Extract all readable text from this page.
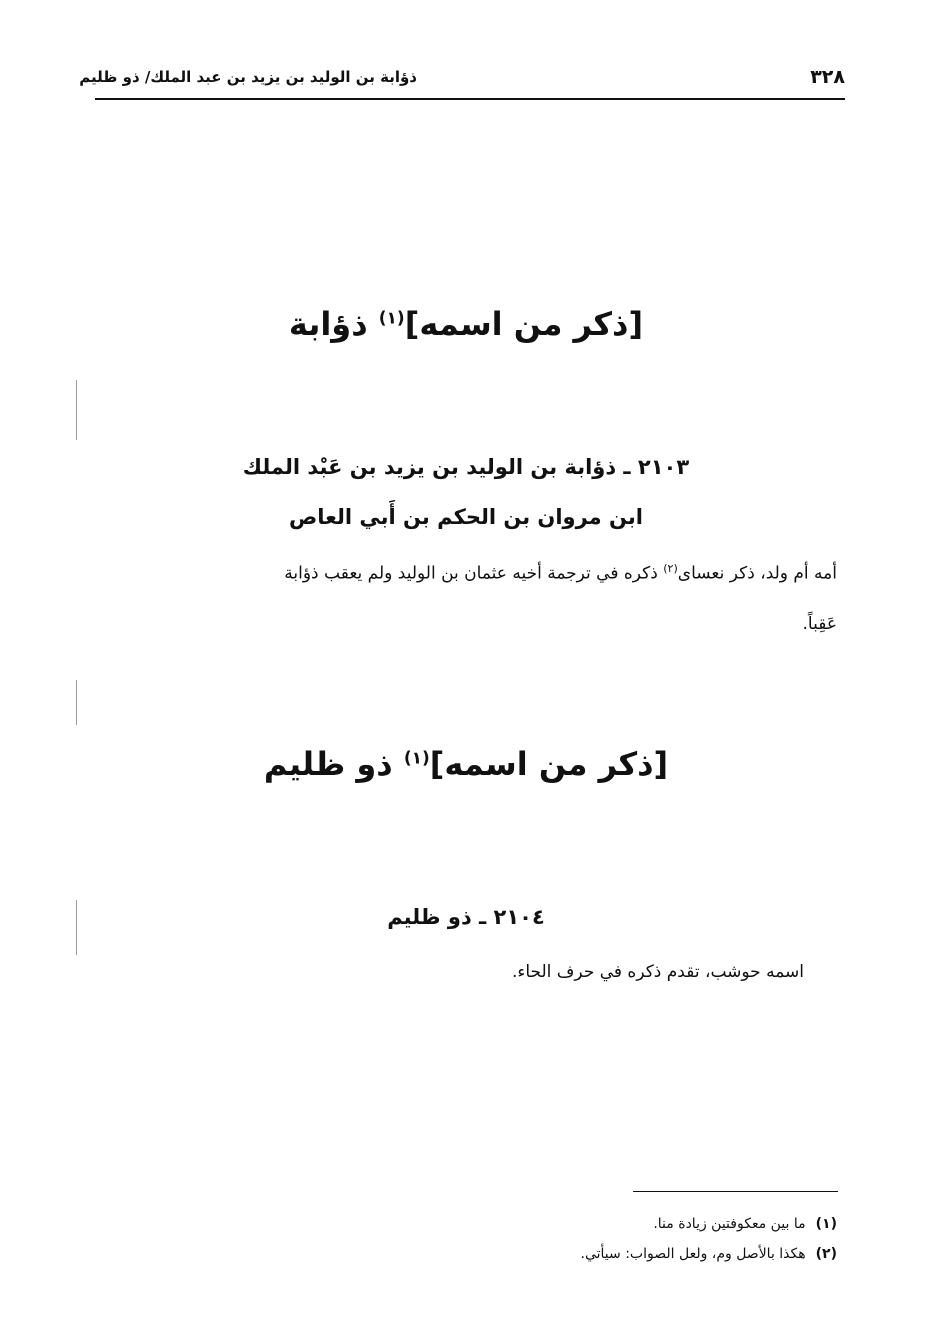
٣٢٨
ذؤابة بن الوليد بن يزيد بن عبد الملك/ ذو ظليم
[ذكر من اسمه]$^{(١)}$ ذؤابة
٢١٠٣ ـ ذؤابة بن الوليد بن يزيد بن عَبْد الملك
ابن مروان بن الحكم بن أَبي العاص
أمه أم ولد، ذكر نعسای$^{(٢)}$ ذكره في ترجمة أخيه عثمان بن الوليد ولم يعقب ذؤابة
عَقِباً.
[ذكر من اسمه]$^{(١)}$ ذو ظليم
٢١٠٤ ـ ذو ظليم
اسمه حوشب، تقدم ذكره في حرف الحاء.
(١)ما بين معكوفتين زيادة منا.
(٢)هكذا بالأصل وم، ولعل الصواب: سيأتي.
